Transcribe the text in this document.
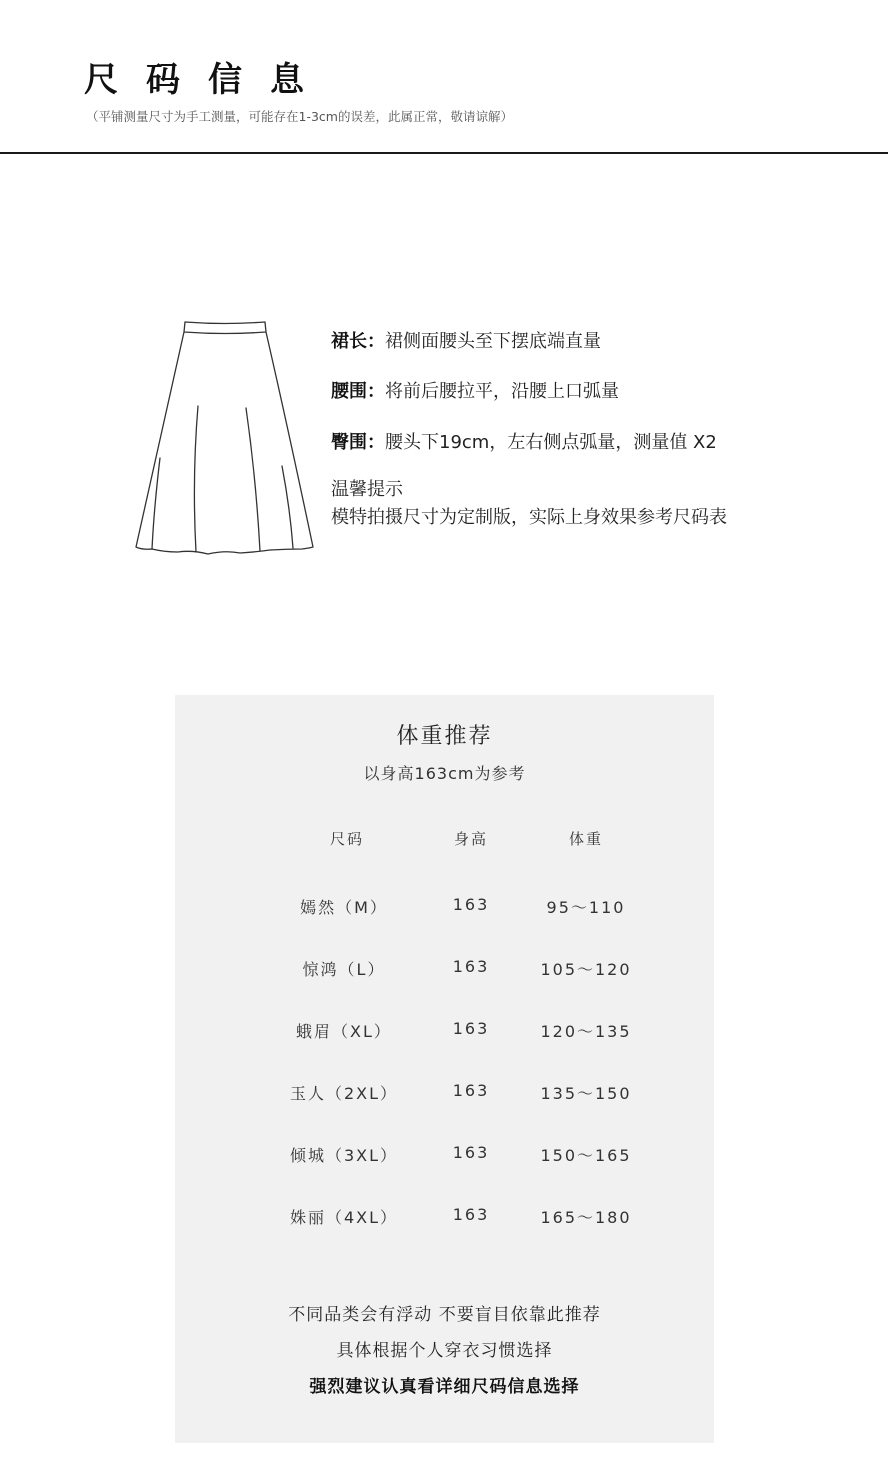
尺码信息
（平铺测量尺寸为手工测量，可能存在1-3cm的误差，此属正常，敬请谅解）
裙长：裙侧面腰头至下摆底端直量
腰围：将前后腰拉平，沿腰上口弧量
臀围：腰头下19cm，左右侧点弧量，测量值 X2
温馨提示
模特拍摄尺寸为定制版，实际上身效果参考尺码表
体重推荐
以身高163cm为参考
尺码	身高	体重
嫣然（M）	163	95～110
惊鸿（L）	163	105～120
蛾眉（XL）	163	120～135
玉人（2XL）	163	135～150
倾城（3XL）	163	150～165
姝丽（4XL）	163	165～180
不同品类会有浮动 不要盲目依靠此推荐
具体根据个人穿衣习惯选择
强烈建议认真看详细尺码信息选择
